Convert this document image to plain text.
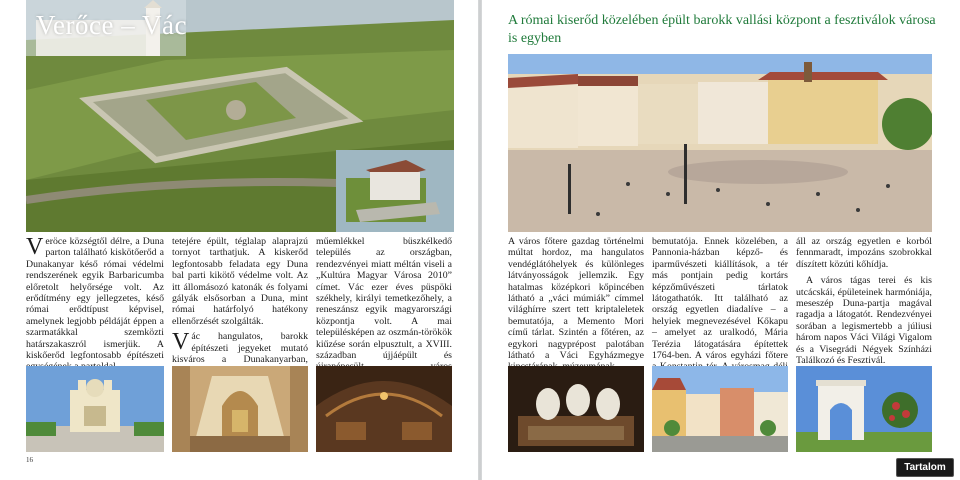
Verőce – Vác
Veröce községtől délre, a Duna parton található kiskötőerőd a Dunakanyar késő római védelmi rendszerének egyik Barbaricumba előretolt helyőrsége volt. Az erődítmény egy jellegzetes, késő római erődtípust képvisel, amelynek legjobb példáját éppen a szarmatákkal szemközti határszakaszról ismerjük. A kiskőerőd legfontosabb építészeti

tetejére épült, téglalap alaprajzú tornyot tarthatjuk. A kiskerőd legfontosabb feladata egy Duna bal parti kikötő védelme volt. Az itt állomásozó katonák és folyami gályák elsősorban a Duna, mint római határfolyó hatékony ellenőrzését szolgálták.

Vác hangulatos, barokk építészeti jegyeket mutató kisváros a Dunakanyarban,

műemlékkel büszkélkedő település az országban, rendezvényei miatt méltán viseli a „Kultúra Magyar Városa 2010” címet. Vác ezer éves püspöki székhely, királyi temetkezőhely, a reneszánsz egyik magyarországi központja volt. A mai településképen az oszmán-törökök kiűzése során elpusztult, a XVIII. században újjáépült és

16
A római kiserőd közelében épült barokk vallási központ a fesztiválok városa is egyben

A város főtere gazdag történelmi múltat hordoz, ma hangulatos vendéglátóhelyek és különleges látványosságok jellemzik. Egy hatalmas középkori kőpincében látható a „váci múmiák” címmel világhírre szert tett kriptaleletek bemutatója, a Memento Mori című tárlat. Szintén a főtéren, az egykori nagyprépost palotában látható a Váci Egyházmegye

bemutatója. Ennek közelében, a Pannonia-házban képző- és iparművészeti kiállítások, a tér más pontjain pedig kortárs képzőművészeti tárlatok látogathatók. Itt található az ország egyetlen diadalíve – a helyiek megnevezésével Kőkapu – amelyet az uralkodó, Mária Terézia látogatására építettek 1764-ben. A város egyházi főtere

áll az ország egyetlen e korból fennmaradt, impozáns szobrokkal díszített közúti kőhídja.

A város tágas terei és kis utcácskái, épületeinek harmóniája, meseszép Duna-partja magával ragadja a látogatót. Rendezvényei sorában a legismertebb a júliusi három napos Váci Világi Vigalom és a Visegrádi Négyek Színházi Találkozó és Fesztivál.

Tartalom
